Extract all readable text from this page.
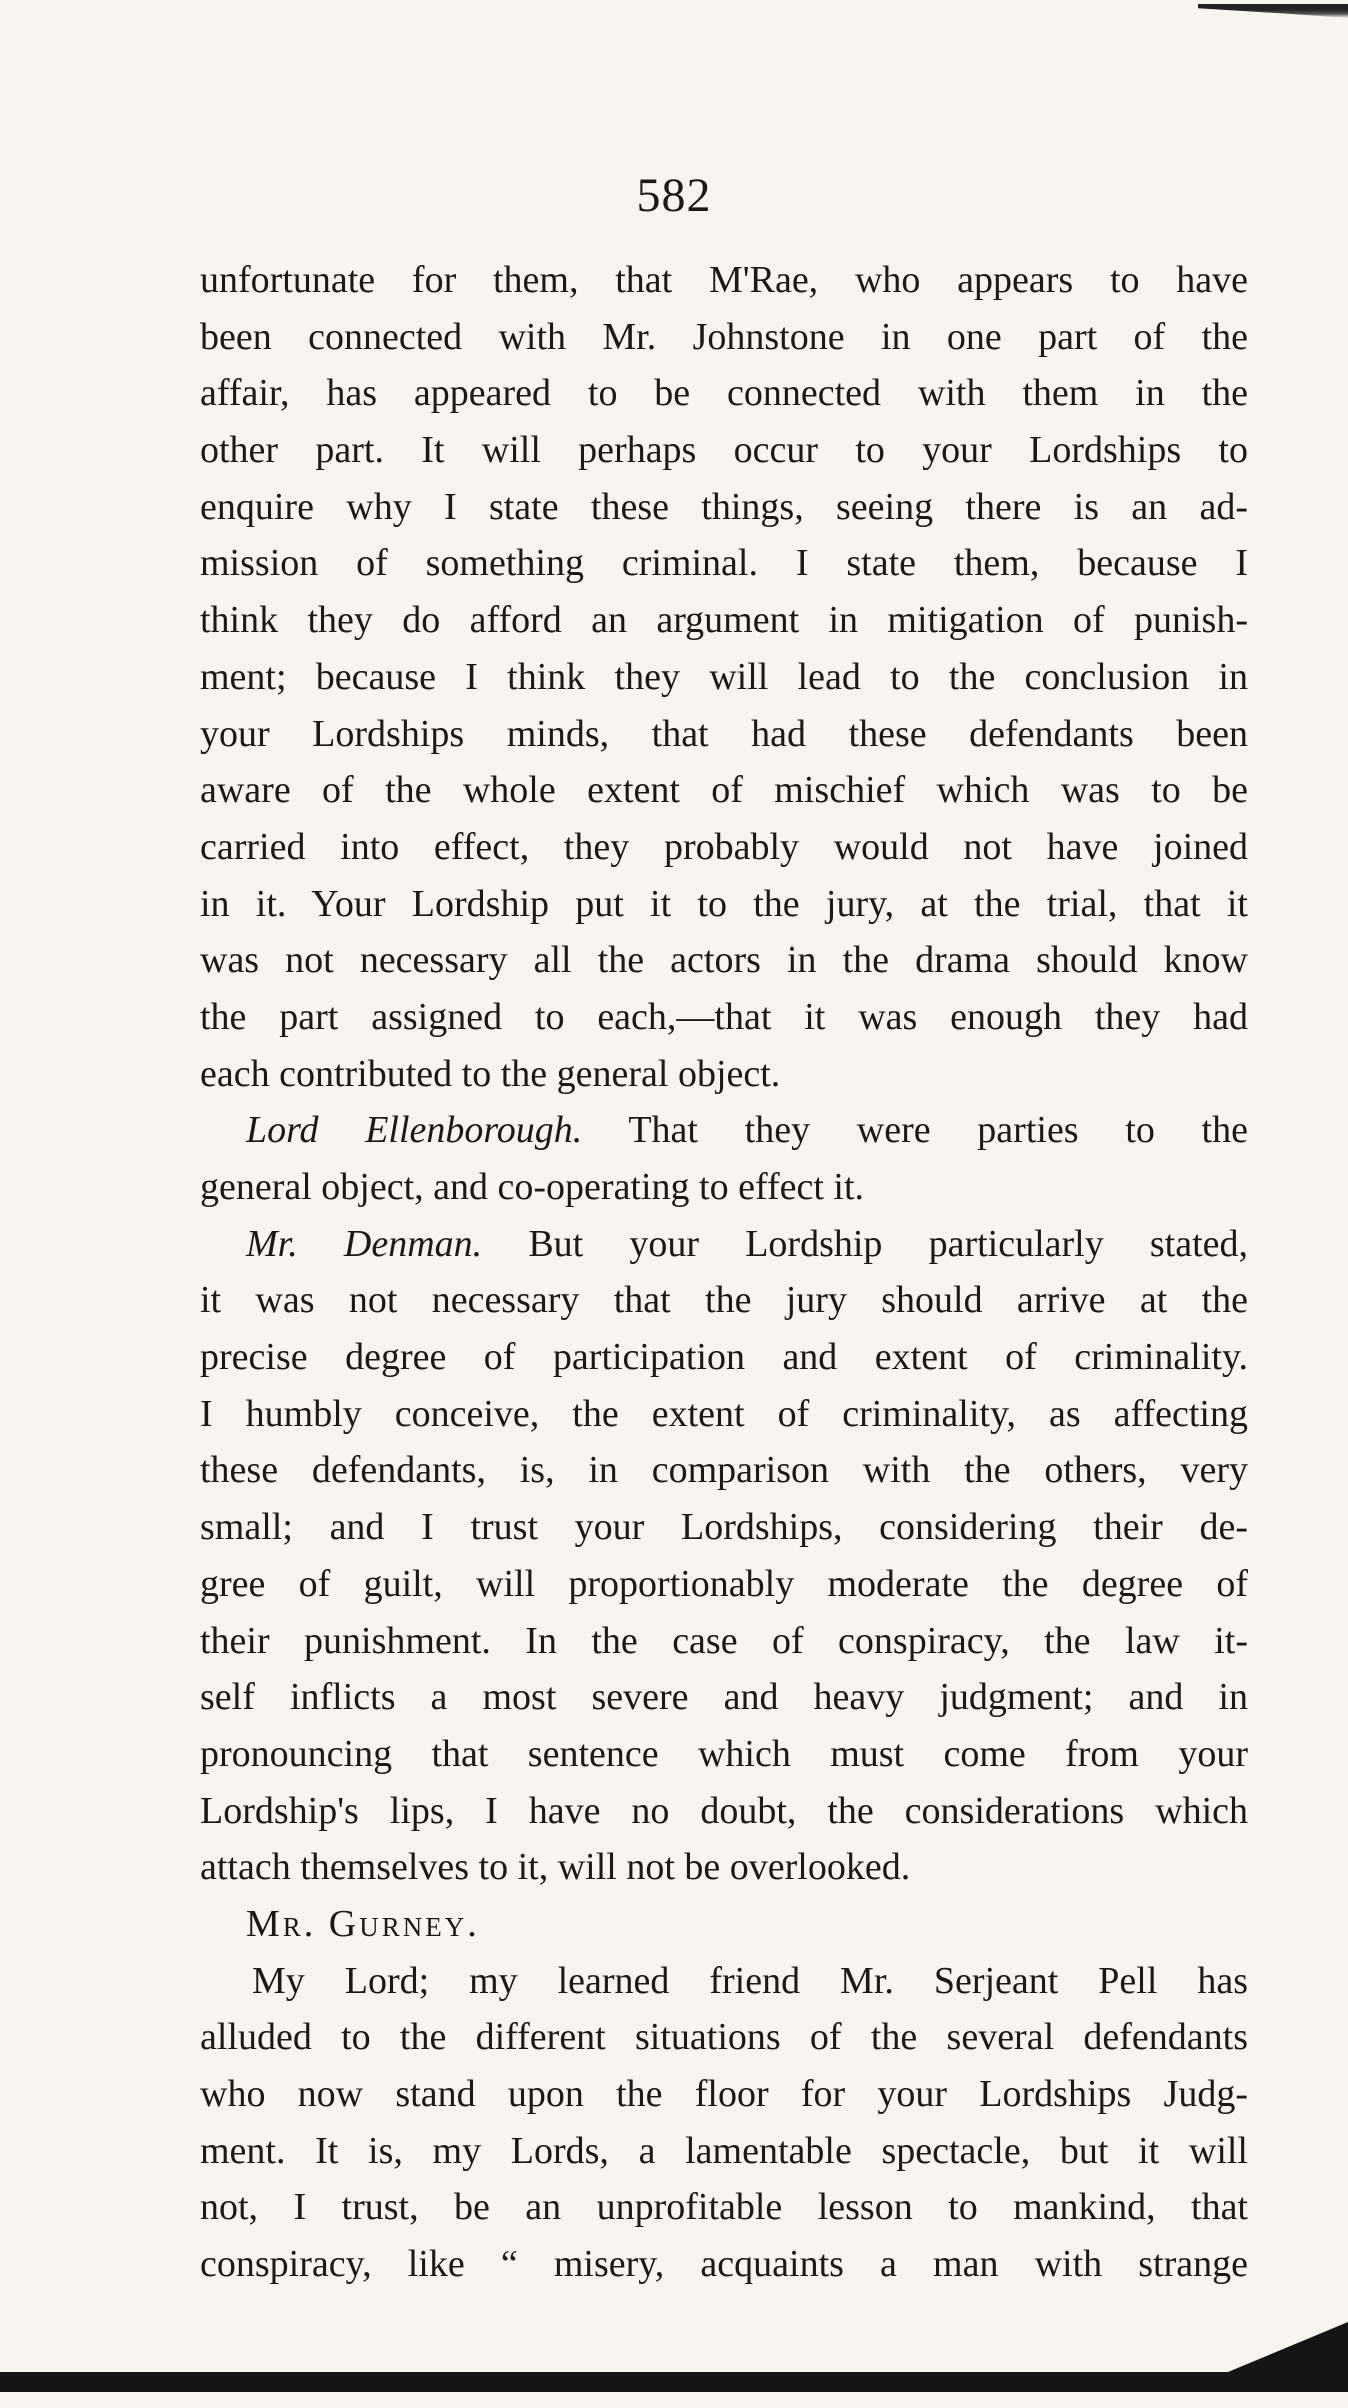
582
unfortunate for them, that M'Rae, who appears to have
been connected with Mr. Johnstone in one part of the
affair, has appeared to be connected with them in the
other part. It will perhaps occur to your Lordships to
enquire why I state these things, seeing there is an ad-
mission of something criminal. I state them, because I
think they do afford an argument in mitigation of punish-
ment; because I think they will lead to the conclusion in
your Lordships minds, that had these defendants been
aware of the whole extent of mischief which was to be
carried into effect, they probably would not have joined
in it. Your Lordship put it to the jury, at the trial, that it
was not necessary all the actors in the drama should know
the part assigned to each,—that it was enough they had
each contributed to the general object.
Lord Ellenborough. That they were parties to the
general object, and co-operating to effect it.
Mr. Denman. But your Lordship particularly stated,
it was not necessary that the jury should arrive at the
precise degree of participation and extent of criminality.
I humbly conceive, the extent of criminality, as affecting
these defendants, is, in comparison with the others, very
small; and I trust your Lordships, considering their de-
gree of guilt, will proportionably moderate the degree of
their punishment. In the case of conspiracy, the law it-
self inflicts a most severe and heavy judgment; and in
pronouncing that sentence which must come from your
Lordship's lips, I have no doubt, the considerations which
attach themselves to it, will not be overlooked.
Mr. Gurney.
My Lord; my learned friend Mr. Serjeant Pell has
alluded to the different situations of the several defendants
who now stand upon the floor for your Lordships Judg-
ment. It is, my Lords, a lamentable spectacle, but it will
not, I trust, be an unprofitable lesson to mankind, that
conspiracy, like “ misery, acquaints a man with strange
